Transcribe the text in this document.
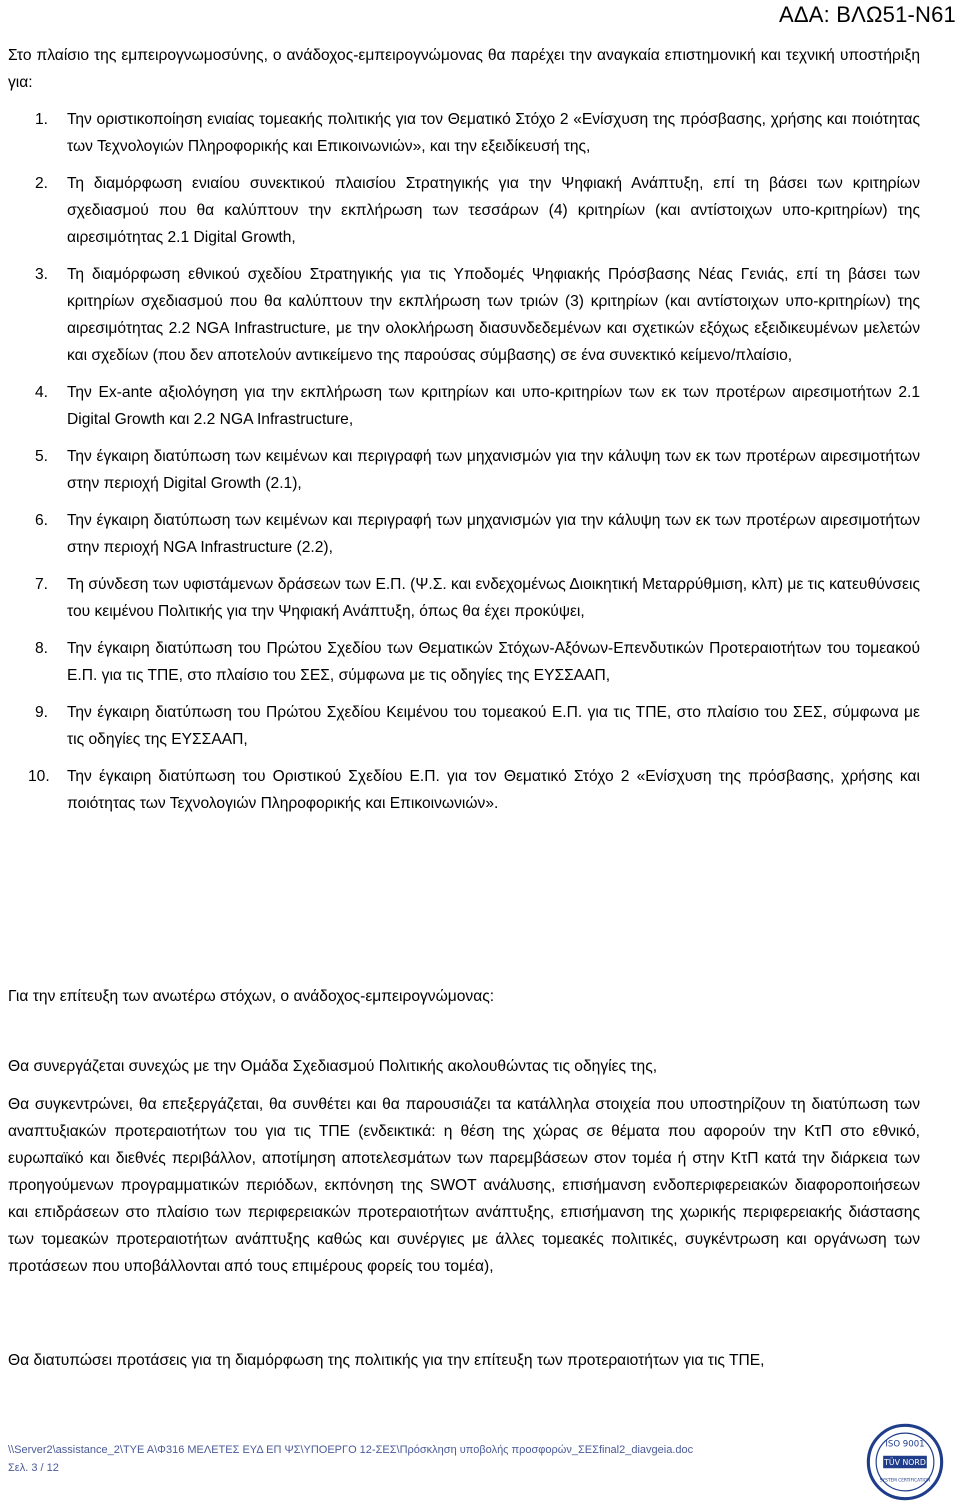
ΑΔΑ: ΒΛΩ51-Ν61
Στο πλαίσιο της εμπειρογνωμοσύνης, ο ανάδοχος-εμπειρογνώμονας θα παρέχει την αναγκαία επιστημονική και τεχνική υποστήριξη για:
1. Την οριστικοποίηση ενιαίας τομεακής πολιτικής για τον Θεματικό Στόχο 2 «Ενίσχυση της πρόσβασης, χρήσης και ποιότητας των Τεχνολογιών Πληροφορικής και Επικοινωνιών», και την εξειδίκευσή της,
2. Τη διαμόρφωση ενιαίου συνεκτικού πλαισίου Στρατηγικής για την Ψηφιακή Ανάπτυξη, επί τη βάσει των κριτηρίων σχεδιασμού που θα καλύπτουν την εκπλήρωση των τεσσάρων (4) κριτηρίων (και αντίστοιχων υπο-κριτηρίων) της αιρεσιμότητας 2.1 Digital Growth,
3. Τη διαμόρφωση εθνικού σχεδίου Στρατηγικής για τις Υποδομές Ψηφιακής Πρόσβασης Νέας Γενιάς, επί τη βάσει των κριτηρίων σχεδιασμού που θα καλύπτουν την εκπλήρωση των τριών (3) κριτηρίων (και αντίστοιχων υπο-κριτηρίων) της αιρεσιμότητας 2.2 NGA Infrastructure, με την ολοκλήρωση διασυνδεδεμένων και σχετικών εξόχως εξειδικευμένων μελετών και σχεδίων (που δεν αποτελούν αντικείμενο της παρούσας σύμβασης) σε ένα συνεκτικό κείμενο/πλαίσιο,
4. Την Ex-ante αξιολόγηση για την εκπλήρωση των κριτηρίων και υπο-κριτηρίων των εκ των προτέρων αιρεσιμοτήτων 2.1 Digital Growth και 2.2 NGA Infrastructure,
5. Την έγκαιρη διατύπωση των κειμένων και περιγραφή των μηχανισμών για την κάλυψη των εκ των προτέρων αιρεσιμοτήτων στην περιοχή Digital Growth (2.1),
6. Την έγκαιρη διατύπωση των κειμένων και περιγραφή των μηχανισμών για την κάλυψη των εκ των προτέρων αιρεσιμοτήτων στην περιοχή NGA Infrastructure (2.2),
7. Τη σύνδεση των υφιστάμενων δράσεων των Ε.Π. (Ψ.Σ. και ενδεχομένως Διοικητική Μεταρρύθμιση, κλπ) με τις κατευθύνσεις του κειμένου Πολιτικής για την Ψηφιακή Ανάπτυξη, όπως θα έχει προκύψει,
8. Την έγκαιρη διατύπωση του Πρώτου Σχεδίου των Θεματικών Στόχων-Αξόνων-Επενδυτικών Προτεραιοτήτων του τομεακού Ε.Π. για τις ΤΠΕ, στο πλαίσιο του ΣΕΣ, σύμφωνα με τις οδηγίες της ΕΥΣΣΑΑΠ,
9. Την έγκαιρη διατύπωση του Πρώτου Σχεδίου Κειμένου του τομεακού Ε.Π. για τις ΤΠΕ, στο πλαίσιο του ΣΕΣ, σύμφωνα με τις οδηγίες της ΕΥΣΣΑΑΠ,
10. Την έγκαιρη διατύπωση του Οριστικού Σχεδίου Ε.Π. για τον Θεματικό Στόχο 2 «Ενίσχυση της πρόσβασης, χρήσης και ποιότητας των Τεχνολογιών Πληροφορικής και Επικοινωνιών».
Για την επίτευξη των ανωτέρω στόχων, ο ανάδοχος-εμπειρογνώμονας:
Θα συνεργάζεται συνεχώς με την Ομάδα Σχεδιασμού Πολιτικής ακολουθώντας τις οδηγίες της,
Θα συγκεντρώνει, θα επεξεργάζεται, θα συνθέτει και θα παρουσιάζει τα κατάλληλα στοιχεία που υποστηρίζουν τη διατύπωση των αναπτυξιακών προτεραιοτήτων του για τις ΤΠΕ (ενδεικτικά: η θέση της χώρας σε θέματα που αφορούν την ΚτΠ στο εθνικό, ευρωπαϊκό και διεθνές περιβάλλον, αποτίμηση αποτελεσμάτων των παρεμβάσεων στον τομέα ή στην ΚτΠ κατά την διάρκεια των προηγούμενων προγραμματικών περιόδων, εκπόνηση της SWOT ανάλυσης, επισήμανση ενδοπεριφερειακών διαφοροποιήσεων και επιδράσεων στο πλαίσιο των περιφερειακών προτεραιοτήτων ανάπτυξης, επισήμανση της χωρικής περιφερειακής διάστασης των τομεακών προτεραιοτήτων ανάπτυξης καθώς και συνέργιες με άλλες τομεακές πολιτικές, συγκέντρωση και οργάνωση των προτάσεων που υποβάλλονται από τους επιμέρους φορείς του τομέα),
Θα διατυπώσει προτάσεις για τη διαμόρφωση της πολιτικής για την επίτευξη των προτεραιοτήτων για τις ΤΠΕ,
\\Server2\assistance_2\ΤΥΕ Α\Φ316 ΜΕΛΕΤΕΣ ΕΥΔ ΕΠ ΨΣ\ΥΠΟΕΡΓΟ 12-ΣΕΣ\Πρόσκληση υποβολής προσφορών_ΣΕΣfinal2_diavgeia.doc
Σελ. 3 / 12
ISO 9001
TÜV NORD
SYSTEM CERTIFICATION
